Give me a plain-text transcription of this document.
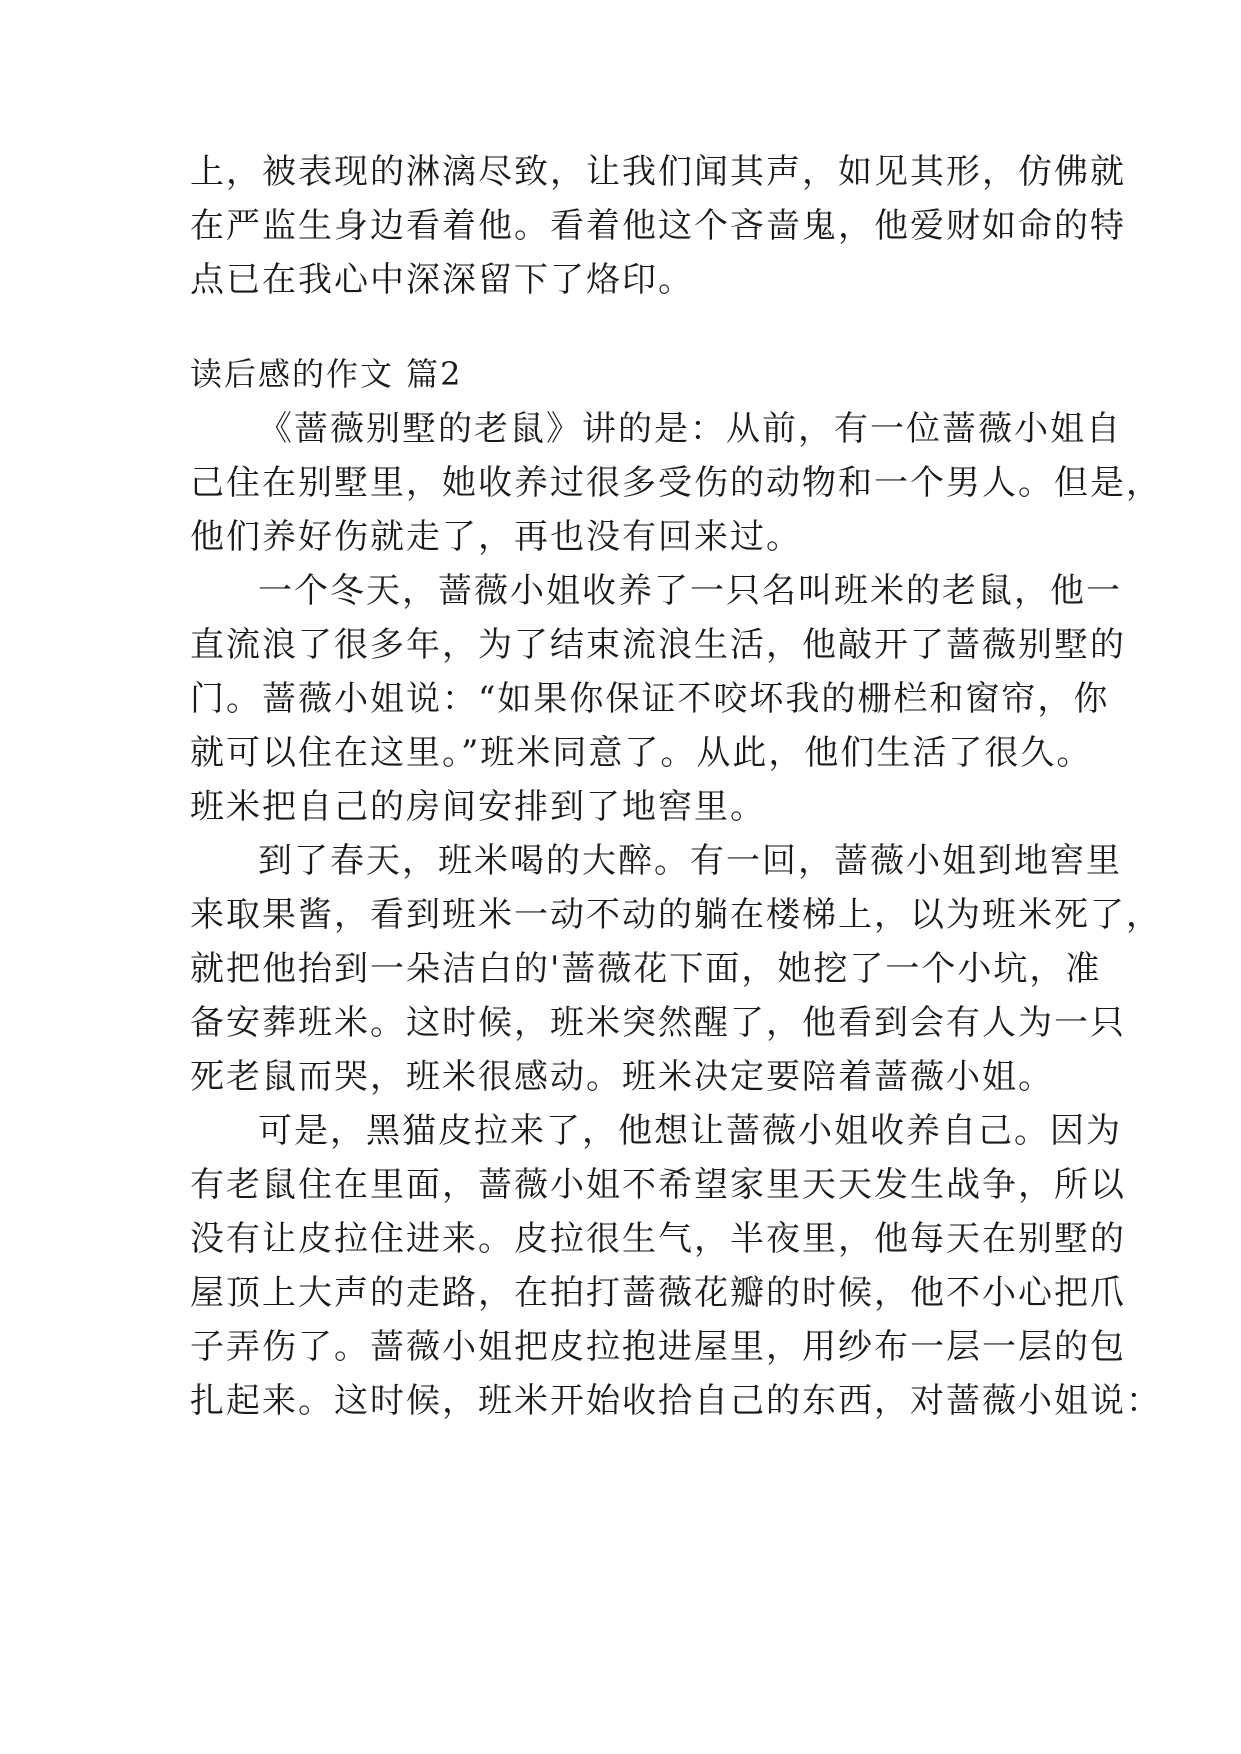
上，被表现的淋漓尽致，让我们闻其声，如见其形，仿佛就
在严监生身边看着他。看着他这个吝啬鬼，他爱财如命的特
点已在我心中深深留下了烙印。
读后感的作文 篇2
《蔷薇别墅的老鼠》讲的是：从前，有一位蔷薇小姐自
己住在别墅里，她收养过很多受伤的动物和一个男人。但是，
他们养好伤就走了，再也没有回来过。
一个冬天，蔷薇小姐收养了一只名叫班米的老鼠，他一
直流浪了很多年，为了结束流浪生活，他敲开了蔷薇别墅的
门。蔷薇小姐说：“如果你保证不咬坏我的栅栏和窗帘，你
就可以住在这里。”班米同意了。从此，他们生活了很久。
班米把自己的房间安排到了地窖里。
到了春天，班米喝的大醉。有一回，蔷薇小姐到地窖里
来取果酱，看到班米一动不动的躺在楼梯上，以为班米死了，
就把他抬到一朵洁白的'蔷薇花下面，她挖了一个小坑，准
备安葬班米。这时候，班米突然醒了，他看到会有人为一只
死老鼠而哭，班米很感动。班米决定要陪着蔷薇小姐。
可是，黑猫皮拉来了，他想让蔷薇小姐收养自己。因为
有老鼠住在里面，蔷薇小姐不希望家里天天发生战争，所以
没有让皮拉住进来。皮拉很生气，半夜里，他每天在别墅的
屋顶上大声的走路，在拍打蔷薇花瓣的时候，他不小心把爪
子弄伤了。蔷薇小姐把皮拉抱进屋里，用纱布一层一层的包
扎起来。这时候，班米开始收拾自己的东西，对蔷薇小姐说：
